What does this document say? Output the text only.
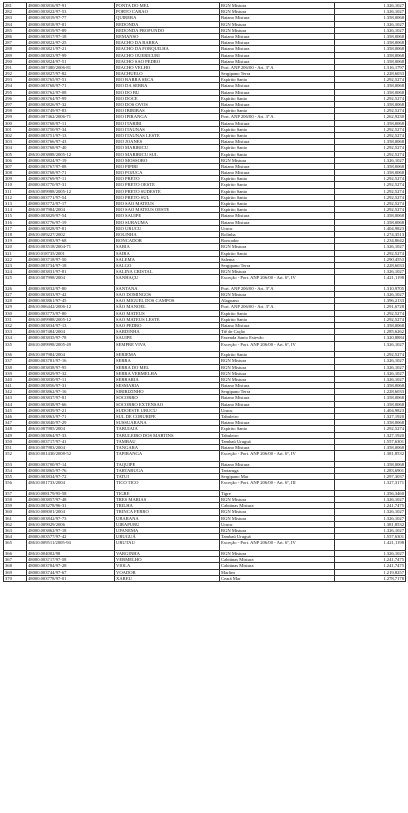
281	48000.003816/97-91	PONTA DO MEL	RGN Mistura	1.326,1027
282	48000.003822/97-53	PORTO CARAO	RGN Mistura	1.326,1027
283	48000.003819/97-77	QUIRERA	Baiano Mistura	1.358,0068
284	48000.003818/97-81	REDONDA	RGN Mistura	1.326,1027
285	48000.003819/97-89	REDONDA PROFUNDO	RGN Mistura	1.326,1027
286	48000.003817/97-18	REMANSO	Baiano Mistura	1.358,0068
287	48000.003822/97-25	RIACHO DA BARRA	Baiano Mistura	1.358,0068
288	48000.003821/97-21	RIACHO DA FORQUILHA	Baiano Mistura	1.358,0068
289	48000.003823/97-99	RIACHO OUERICURI	Baiano Mistura	1.358,0068
290	48000.003824/97-51	RIACHO SAO PEDRO	Baiano Mistura	1.358,0068
291	48000.007480/2006-81	RIACHO VELHO	Port. ANP 206/00 - Art. 3º A	1.316,1797
292	48000.003827/97-82	RIACHUELO	Sergipano Terra	1.228,6033
293	48000.003765/97-51	RIO BARRA SECA	Espírito Santo	1.292,5274
294	48000.003768/97-71	RIO DA SERRA	Baiano Mistura	1.358,0068
295	48000.003762/97-08	RIO DO BU	Baiano Mistura	1.358,0068
296	48000.003764/97-99	RIO DOCE	Espírito Santo	1.292,5274
297	48000.003826/97-32	RIO DOS OVOS	Baiano Mistura	1.358,0068
298	48000.003749/97-83	RIO IBIRIBAS	Espírito Santo	1.292,5274
299	48000.007462/2006-71	RIO IPIRANGA	Port. ANP 206/00 - Art. 3º A	1.262,9230
300	48000.003768/97-11	RIO ITARIRI	Baiano Mistura	1.358,0068
301	48000.003750/97-34	RIO ITAUNAS	Espírito Santo	1.292,5274
302	48000.003751/97-13	RIO ITAUNAS LESTE	Espírito Santo	1.292,5274
303	48000.003766/97-43	RIO JOANES	Baiano Mistura	1.358,0068
304	48000.003768/97-40	RIO MARIRICU	Espírito Santo	1.292,5274
305	48610.003888/2005-12	RIO MARIRICU SUL	Espírito Santo	1.292,5274
306	48000.003824/97-19	RIO MOSSORO	RGN Mistura	1.326,1027
307	48000.003767/97-08	RIO PIPIRI	Baiano Mistura	1.358,0068
308	48000.003768/97-71	RIO POJUCA	Baiano Mistura	1.358,0068
309	48000.003769/97-11	RIO PRETO	Espírito Santo	1.292,5274
310	48000.003770/97-31	RIO PRETO OESTE	Espírito Santo	1.292,5274
311	48610.009988/2005-12	RIO PRETO SUDESTE	Espírito Santo	1.292,5274
312	48000.003771/97-54	RIO PRETO SUL	Espírito Santo	1.292,5274
313	48000.003772/97-17	RIO SAO MATEUS	Espírito Santo	1.292,5274
314	48610.007984/2004	RIO SAO MATEUS OESTE	Espírito Santo	1.292,5274
315	48000.003829/97-54	RIO SAUIPE	Baiano Mistura	1.358,0068
316	48000.003776/97-19	RIO SUBAUMA	Baiano Mistura	1.358,0068
317	48000.003828/97-81	RIO URUCU	Urucu	1.404,9823
318	48610.009227/2002	ROLINHA	Rolinha	1.274,3513
319	48000.003903/97-68	RONCADOR	Roncador	1.234,8642
320	48610.003518/2004-71	SABIA	RGN Mistura	1.326,1027
321	48610.018735/2001	SAIRA	Espírito Santo	1.292,5274
322	48000.003718/97-50	SALEMA	Salema	1.290,4553
323	48000.003734/97-18	SALGO	Sergipano Terra	1.228,6033
324	48000.003831/97-81	SALINA CRISTAL	RGN Mistura	1.326,1027
325	48610.007998/2004	SANHAÇU	Exceção - Port. ANP 206/00 - Art. 6º, IV	1.421,1198
326	48000.003832/97-80	SANTANA	Port. ANP 206/00 - Art. 3º A	1.310,9705
327	48000.003833/97-42	SAO DOMINGOS	RGN Mistura	1.326,1027
328	48000.003861/97-45	SAO MIGUEL DOS CAMPOS	Alagoano	1.396,2133
329	48610.006442/2006-12	SÃO MANOEL	Port. ANP 206/00 - Art. 3º A	1.291,6728
330	48000.003773/97-80	SAO MATEUS	Espírito Santo	1.292,5274
331	48610.009988/2005-12	SAO MATEUS LESTE	Espírito Santo	1.292,5274
332	48000.003834/97-13	SAO PEDRO	Baiano Mistura	1.358,0068
333	48610.007484/2004	SARDINHA	Tiê de Cação	1.285,6262
334	48000.003835/97-78	SAUIPE	Fazenda Santo Estevão	1.320,8884
335	48610.009998/2005-49	SEMPRE VIVA	Exceção - Port. ANP 206/00 - Art. 6º, IV	1.326,1027
336	48610.007984/2004	SERIEMA	Espírito Santo	1.292,5274
337	48000.003781/97-16	SERRA	RGN Mistura	1.326,1027
338	48000.003838/97-95	SERRA DO MEL	RGN Mistura	1.326,1027
339	48000.003829/97-32	SERRA VERMELHA	RGN Mistura	1.326,1027
340	48000.003830/97-11	SERRARIA	RGN Mistura	1.326,1027
341	48000.003856/97-31	SESMARIA	Baiano Mistura	1.358,0068
342	48000.003862/97-16	SIRIRIZINHO	Sergipano Terra	1.228,6033
343	48000.003837/97-81	SOCORRO	Baiano Mistura	1.358,0068
344	48000.003838/97-66	SOCORRO EXTENSAO	Baiano Mistura	1.358,0068
345	48000.003839/97-21	SUDOESTE URUCU	Urucu	1.404,9823
346	48000.003863/97-71	SUL DE CORURIPE	Tabuleiro	1.327,1920
347	48000.003840/97-29	SUSSUARANA	Baiano Mistura	1.358,0068
348	48610.007985/2004	TABUIAIA	Espírito Santo	1.292,5274
349	48000.003864/97-33	TABULEIRO DOS MARTINS	Tabuleiro	1.327,1920
350	48000.003717/97-41	TAMBAU	Tambaú Uruguá	1.557,6301
351	48610.007983/2004	TANGARA	Baiano Mistura	1.358,0068
352	48610.001430/2008-52	TAPIRANGA	Exceção - Port. ANP 206/00 - Art. 6º, IV	1.381,8532
353	48000.003700/97-14	TAQUIPE	Baiano Mistura	1.358,0068
354	48000.003865/97-76	TARTARUGA	Tartaruga	1.283,6901
355	48000.003834/97-72	TATUI	Sergipano Mar	1.297,3037
356	48610.001733/2004	TICO TICO	Exceção - Port. ANP 206/00 - Art. 6º, III	1.327,3171
357	48610.008179/95-58	TIGRE	Tigre	1.356,3460
358	48000.003857/97-48	TRES MARIAS	RGN Mistura	1.326,1027
359	48610.003278/96-31	TRILHA	Cabiúnas Mistura	1.241,7475
360	48610.008001/2004	TRINCA FERRO	RGN Mistura	1.326,1027
361	48000.003842/97-73	UBARANA	RGN Mistura	1.326,1027
362	48610.009929/2006	UIRAPURU	Urucu	1.381,8532
363	48000.003862/97-18	UPANEMA	RGN Mistura	1.326,1027
364	48000.003577/97-42	URUGUÁ	Tambaú Uruguá	1.557,6301
365	48610.009511/2005-94	URUTAU	Exceção - Port. ANP 206/00 - Art. 6º, IV	1.421,1198
366	48610.004002/98	VARGINHA	RGN Mistura	1.326,1027
367	48000.003717/97-58	VERMELHO	Cabiúnas Mistura	1.241,7475
368	48000.003784/97-28	VIOLA	Cabiúnas Mistura	1.241,7475
369	48000.003744/97-67	VOADOR	Marlim	1.219,8257
370	48000.003778/97-01	XAREU	Ceará Mar	1.278,7178
